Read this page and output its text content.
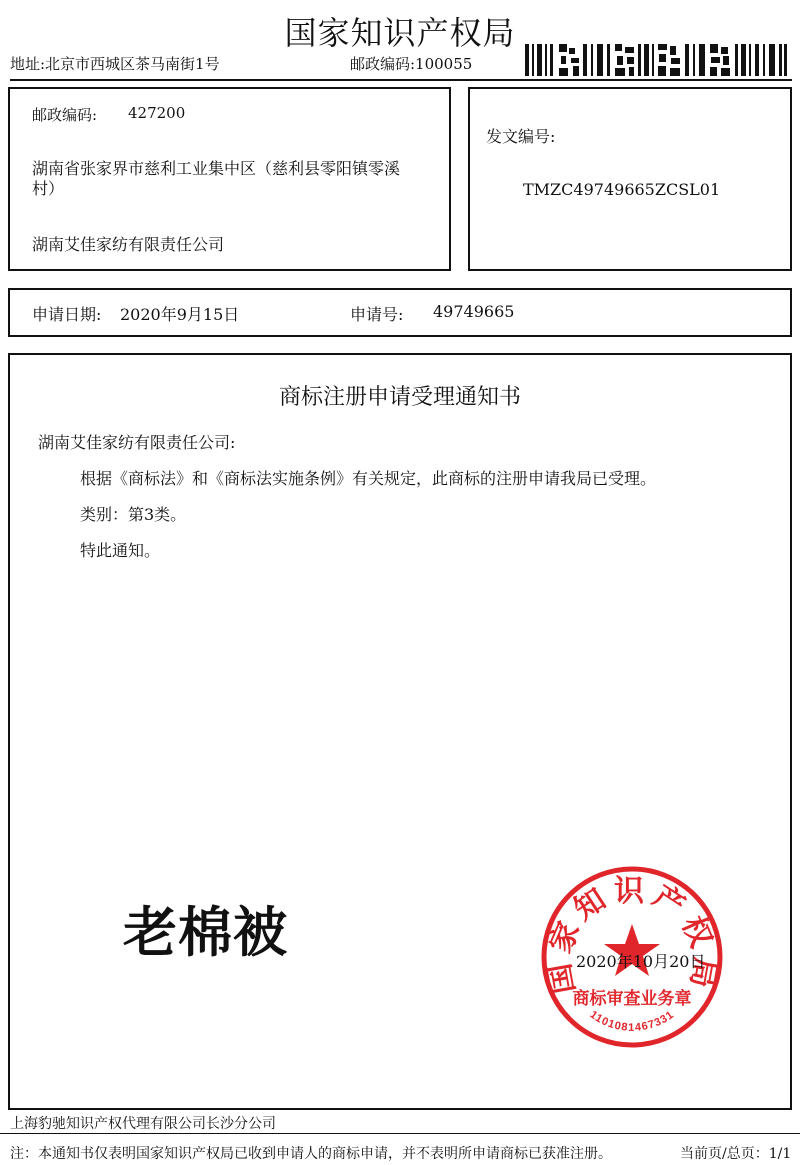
国家知识产权局
地址:北京市西城区茶马南街1号	邮政编码:100055
邮政编码: 427200
湖南省张家界市慈利工业集中区（慈利县零阳镇零溪
村）
湖南艾佳家纺有限责任公司
发文编号:
TMZC49749665ZCSL01
申请日期: 2020年9月15日	申请号: 49749665
商标注册申请受理通知书
湖南艾佳家纺有限责任公司:
根据《商标法》和《商标法实施条例》有关规定，此商标的注册申请我局已受理。
类别：第3类。
特此通知。
老棉被
国家知识产权局
1101081467331
商标审查业务章
2020年10月20日
上海豹驰知识产权代理有限公司长沙分公司
注：本通知书仅表明国家知识产权局已收到申请人的商标申请，并不表明所申请商标已获准注册。	当前页/总页：1/1
